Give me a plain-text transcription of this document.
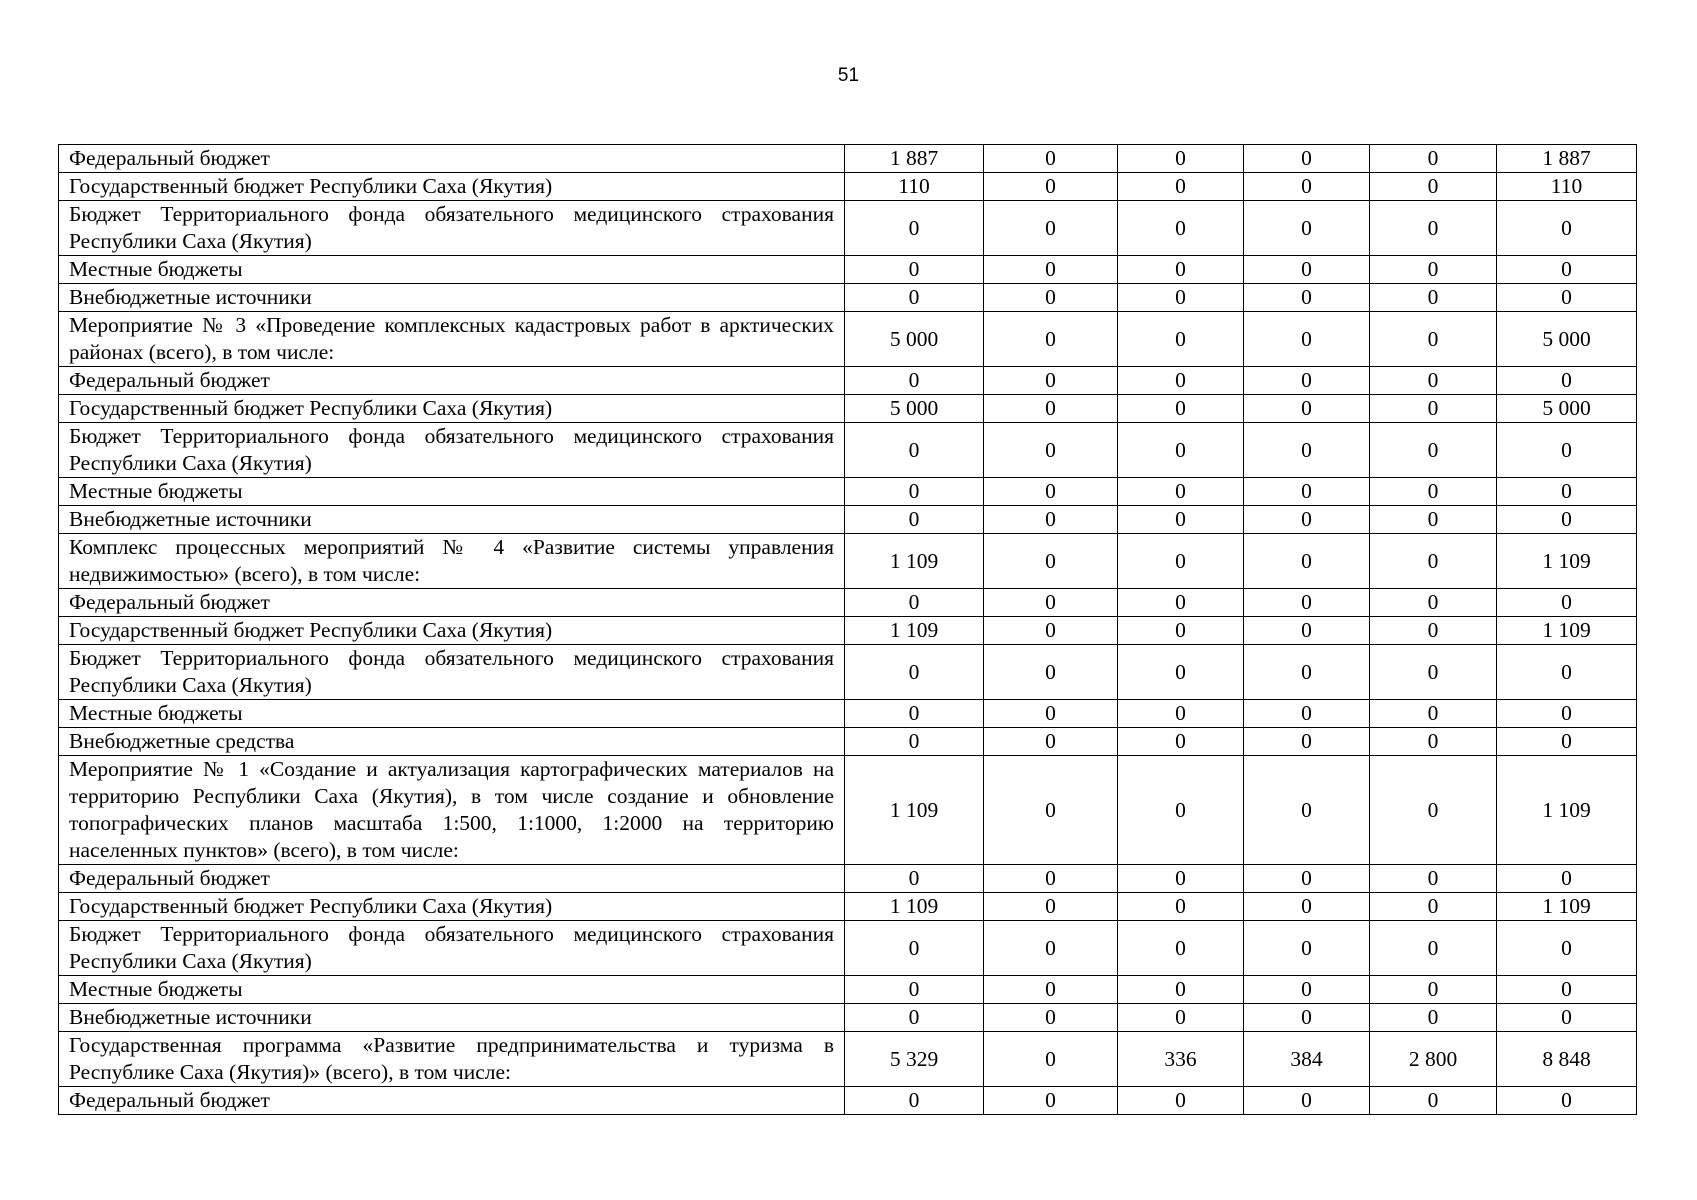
51
Федеральный бюджет	1 887	0	0	0	0	1 887
Государственный бюджет Республики Саха (Якутия)	110	0	0	0	0	110
Бюджет Территориального фонда обязательного медицинского страхования Республики Саха (Якутия)	0	0	0	0	0	0
Местные бюджеты	0	0	0	0	0	0
Внебюджетные источники	0	0	0	0	0	0
Мероприятие № 3 «Проведение комплексных кадастровых работ в арктических районах (всего), в том числе:	5 000	0	0	0	0	5 000
Федеральный бюджет	0	0	0	0	0	0
Государственный бюджет Республики Саха (Якутия)	5 000	0	0	0	0	5 000
Бюджет Территориального фонда обязательного медицинского страхования Республики Саха (Якутия)	0	0	0	0	0	0
Местные бюджеты	0	0	0	0	0	0
Внебюджетные источники	0	0	0	0	0	0
Комплекс процессных мероприятий № 4 «Развитие системы управления недвижимостью» (всего), в том числе:	1 109	0	0	0	0	1 109
Федеральный бюджет	0	0	0	0	0	0
Государственный бюджет Республики Саха (Якутия)	1 109	0	0	0	0	1 109
Бюджет Территориального фонда обязательного медицинского страхования Республики Саха (Якутия)	0	0	0	0	0	0
Местные бюджеты	0	0	0	0	0	0
Внебюджетные средства	0	0	0	0	0	0
Мероприятие № 1 «Создание и актуализация картографических материалов на территорию Республики Саха (Якутия), в том числе создание и обновление топографических планов масштаба 1:500, 1:1000, 1:2000 на территорию населенных пунктов» (всего), в том числе:	1 109	0	0	0	0	1 109
Федеральный бюджет	0	0	0	0	0	0
Государственный бюджет Республики Саха (Якутия)	1 109	0	0	0	0	1 109
Бюджет Территориального фонда обязательного медицинского страхования Республики Саха (Якутия)	0	0	0	0	0	0
Местные бюджеты	0	0	0	0	0	0
Внебюджетные источники	0	0	0	0	0	0
Государственная программа «Развитие предпринимательства и туризма в Республике Саха (Якутия)» (всего), в том числе:	5 329	0	336	384	2 800	8 848
Федеральный бюджет	0	0	0	0	0	0
